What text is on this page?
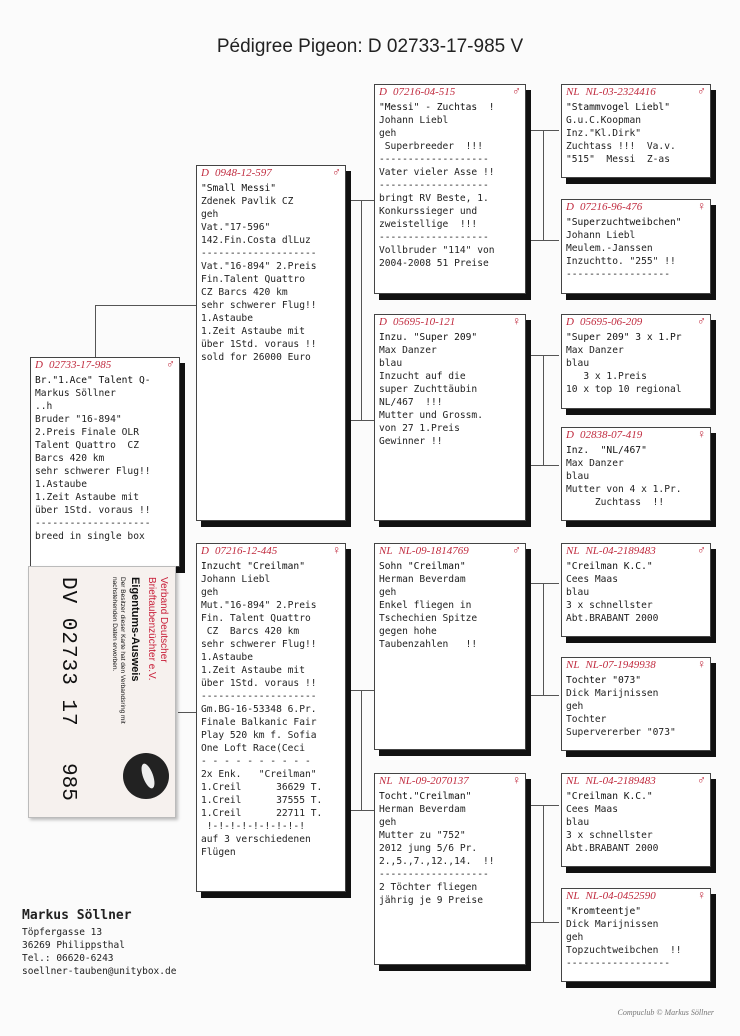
Pédigree Pigeon: D 02733-17-985 V
D 02733-17-985	♂
Br."1.Ace" Talent Q-
Markus Söllner
..h
Bruder "16-894"
2.Preis Finale OLR
Talent Quattro  CZ
Barcs 420 km
sehr schwerer Flug!!
1.Astaube
1.Zeit Astaube mit
über 1Std. voraus !!
--------------------
breed in single box
D 0948-12-597	♂
"Small Messi"
Zdenek Pavlik CZ
geh
Vat."17-596"
142.Fin.Costa dlLuz
--------------------
Vat."16-894" 2.Preis
Fin.Talent Quattro
CZ Barcs 420 km
sehr schwerer Flug!!
1.Astaube
1.Zeit Astaube mit
über 1Std. voraus !!
sold for 26000 Euro
D 07216-12-445	♀
Inzucht "Creilman"
Johann Liebl
geh
Mut."16-894" 2.Preis
Fin. Talent Quattro
CZ  Barcs 420 km
sehr schwerer Flug!!
1.Astaube
1.Zeit Astaube mit
über 1Std. voraus !!
--------------------
Gm.BG-16-53348 6.Pr.
Finale Balkanic Fair
Play 520 km f. Sofia
One Loft Race(Ceci
- - - - - - - - - -
2x Enk.   "Creilman"
1.Creil      36629 T.
1.Creil      37555 T.
1.Creil      22711 T.
!-!-!-!-!-!-!-!-!
auf 3 verschiedenen
Flügen
D 07216-04-515	♂
"Messi" - Zuchtas  !
Johann Liebl
geh
Superbreeder  !!!
-------------------
Vater vieler Asse !!
-------------------
bringt RV Beste, 1.
Konkurssieger und
zweistellige  !!!
-------------------
Vollbruder "114" von
2004-2008 51 Preise
D 05695-10-121	♀
Inzu. "Super 209"
Max Danzer
blau
Inzucht auf die
super Zuchttäubin
NL/467  !!!
Mutter und Grossm.
von 27 1.Preis
Gewinner !!
NL NL-09-1814769	♂
Sohn "Creilman"
Herman Beverdam
geh
Enkel fliegen in
Tschechien Spitze
gegen hohe
Taubenzahlen   !!
NL NL-09-2070137	♀
Tocht."Creilman"
Herman Beverdam
geh
Mutter zu "752"
2012 jung 5/6 Pr.
2.,5.,7.,12.,14.  !!
-------------------
2 Töchter fliegen
jährig je 9 Preise
NL NL-03-2324416	♂
"Stammvogel Liebl"
G.u.C.Koopman
Inz."Kl.Dirk"
Zuchtass !!!  Va.v.
"515"  Messi  Z-as
D 07216-96-476	♀
"Superzuchtweibchen"
Johann Liebl
Meulem.-Janssen
Inzuchtto. "255" !!
------------------
D 05695-06-209	♂
"Super 209" 3 x 1.Pr
Max Danzer
blau
3 x 1.Preis
10 x top 10 regional
D 02838-07-419	♀
Inz.  "NL/467"
Max Danzer
blau
Mutter von 4 x 1.Pr.
Zuchtass  !!
NL NL-04-2189483	♂
"Creilman K.C."
Cees Maas
blau
3 x schnellster
Abt.BRABANT 2000
NL NL-07-1949938	♀
Tochter "073"
Dick Marijnissen
geh
Tochter
Supervererber "073"
NL NL-04-2189483	♂
"Creilman K.C."
Cees Maas
blau
3 x schnellster
Abt.BRABANT 2000
NL NL-04-0452590	♀
"Kromteentje"
Dick Marijnissen
geh
Topzuchtweibchen  !!
------------------
Verband Deutscher
Brieftaubenzüchter e.V.
Eigentums-Ausweis
Der Besitzer dieser Karte hat den Verbandsring mit nachstehenden Daten erworben.
DV 02733 17
985
Markus Söllner
Töpfergasse 13
36269 Philippsthal
Tel.: 06620-6243
soellner-tauben@unitybox.de
Compuclub © Markus Söllner
